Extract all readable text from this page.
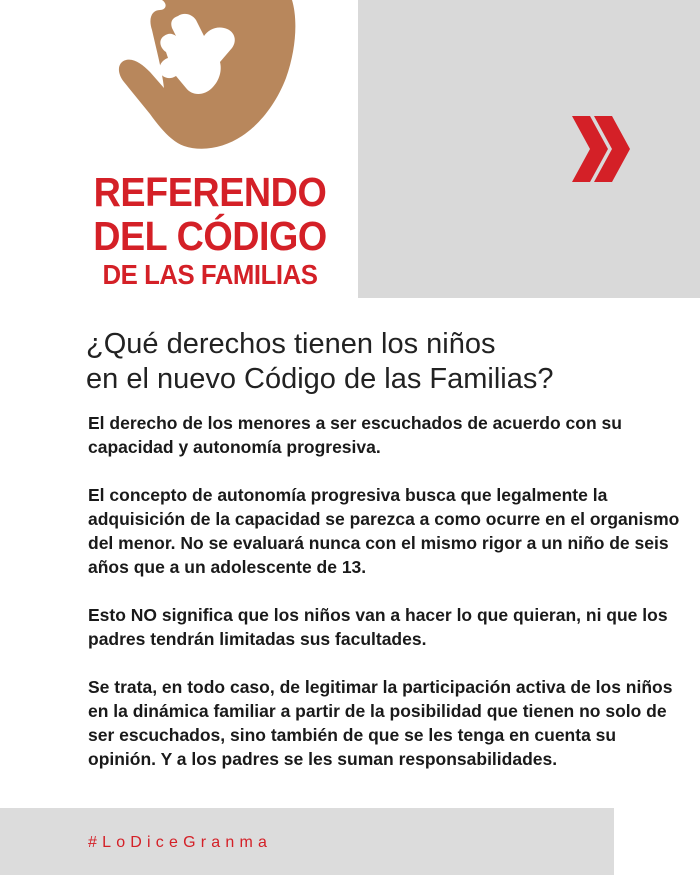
REFERENDO
DEL CÓDIGO
DE LAS FAMILIAS
¿Qué derechos tienen los niños
en el nuevo Código de las Familias?

El derecho de los menores a ser escuchados de acuerdo con su capacidad y autonomía progresiva.

El concepto de autonomía progresiva busca que legalmente la adquisición de la capacidad se parezca a como ocurre en el organismo del menor. No se evaluará nunca con el mismo rigor a un niño de seis años que a un adolescente de 13.

Esto NO significa que los niños van a hacer lo que quieran, ni que los padres tendrán limitadas sus facultades.

Se trata, en todo caso, de legitimar la participación activa de los niños en la dinámica familiar a partir de la posibilidad que tienen no solo de ser escuchados, sino también de que se les tenga en cuenta su opinión. Y a los padres se les suman responsabilidades.

#LoDiceGranma
